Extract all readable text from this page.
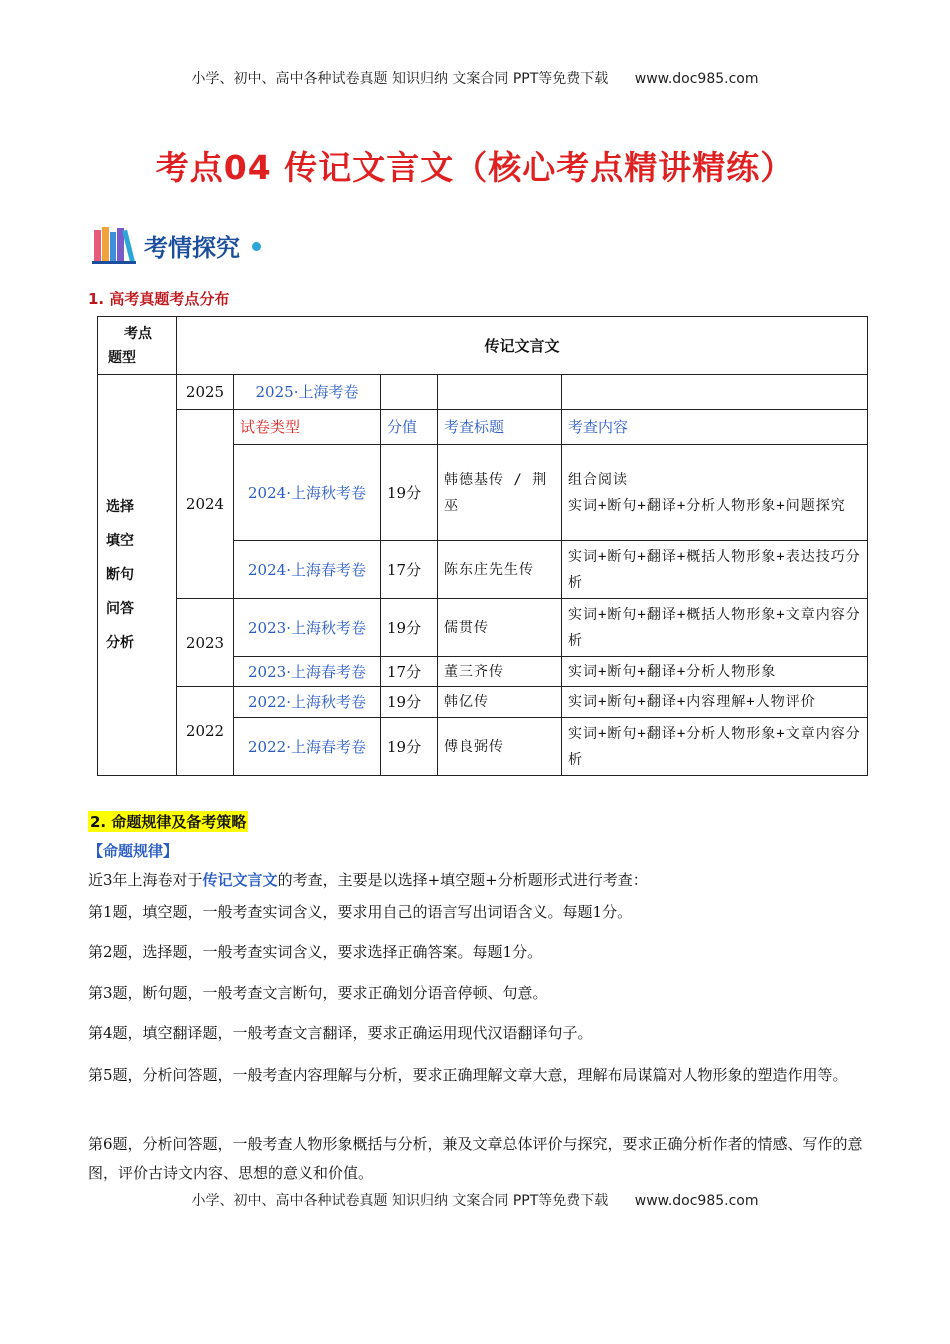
小学、初中、高中各种试卷真题 知识归纳 文案合同 PPT等免费下载 www.doc985.com
考点04 传记文言文（核心考点精讲精练）
考情探究
1. 高考真题考点分布
考点
题型	传记文言文				

选择
填空
断句
问答
分析	2025	2025·上海考卷			
	2024	试卷类型	分值	考查标题	考查内容
		2024·上海秋考卷	19分	韩德基传 / 荆巫	组合阅读
实词+断句+翻译+分析人物形象+问题探究

		2024·上海春考卷	17分	陈东庄先生传	实词+断句+翻译+概括人物形象+表达技巧分析
	2023	2023·上海秋考卷	19分	儒贯传	实词+断句+翻译+概括人物形象+文章内容分析
		2023·上海春考卷	17分	董三齐传	实词+断句+翻译+分析人物形象
	2022	2022·上海秋考卷	19分	韩亿传	实词+断句+翻译+内容理解+人物评价
		2022·上海春考卷	19分	傅良弼传	实词+断句+翻译+分析人物形象+文章内容分析
2. 命题规律及备考策略
【命题规律】
近3年上海卷对于传记文言文的考查，主要是以选择+填空题+分析题形式进行考查：
第1题，填空题，一般考查实词含义，要求用自己的语言写出词语含义。每题1分。
第2题，选择题，一般考查实词含义，要求选择正确答案。每题1分。
第3题，断句题，一般考查文言断句，要求正确划分语音停顿、句意。
第4题，填空翻译题，一般考查文言翻译，要求正确运用现代汉语翻译句子。
第5题，分析问答题，一般考查内容理解与分析，要求正确理解文章大意，理解布局谋篇对人物形象的塑造作用等。
第6题，分析问答题，一般考查人物形象概括与分析，兼及文章总体评价与探究，要求正确分析作者的情感、写作的意图，评价古诗文内容、思想的意义和价值。
小学、初中、高中各种试卷真题 知识归纳 文案合同 PPT等免费下载 www.doc985.com
